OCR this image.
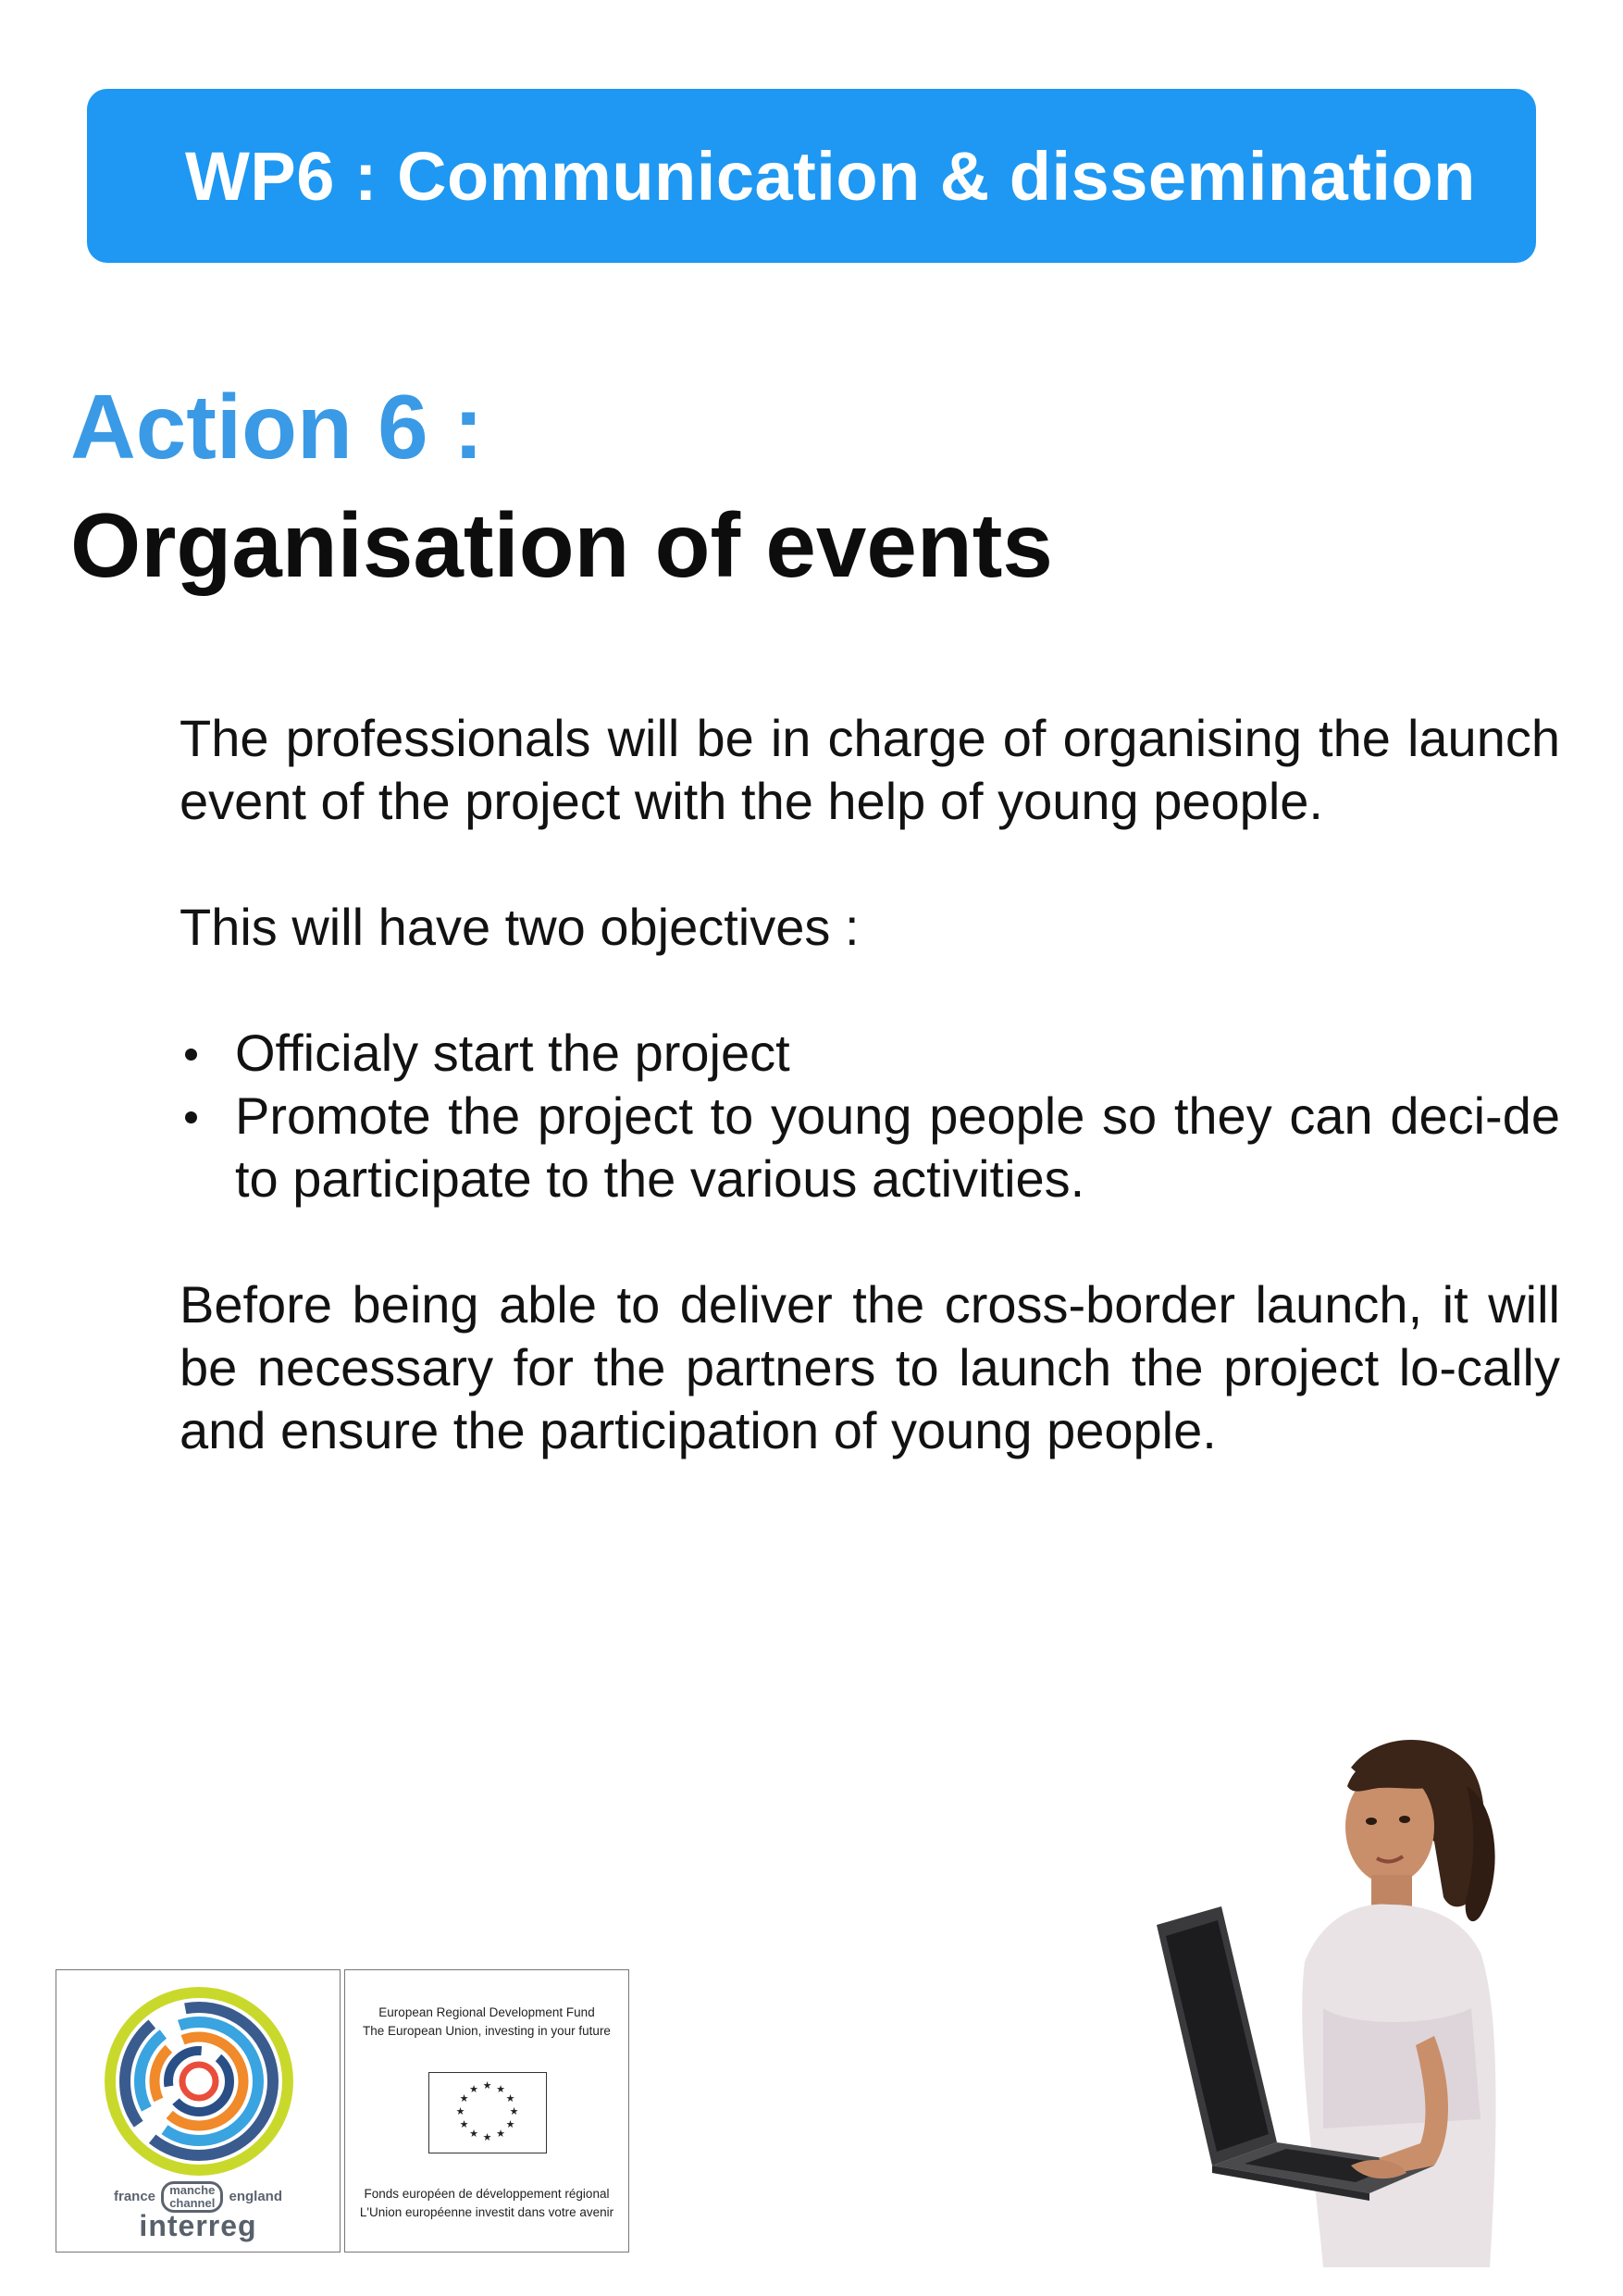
WP6 : Communication & dissemination
Action 6 :
Organisation of events

The professionals will be in charge of organising the launch event of the project with the help of young people.

This will have two objectives :

Officialy start the project
Promote the project to young people so they can deci-de to participate to the various activities.

Before being able to deliver the cross-border launch, it will be necessary for the partners to launch the project lo-cally and ensure the participation of young people.

france manche
channel england
interreg
European Regional Development Fund
The European Union, investing in your future
★ ★
★
★
★
★
★
★
★
★
★
★
Fonds européen de développement régional
L'Union européenne investit dans votre avenir
